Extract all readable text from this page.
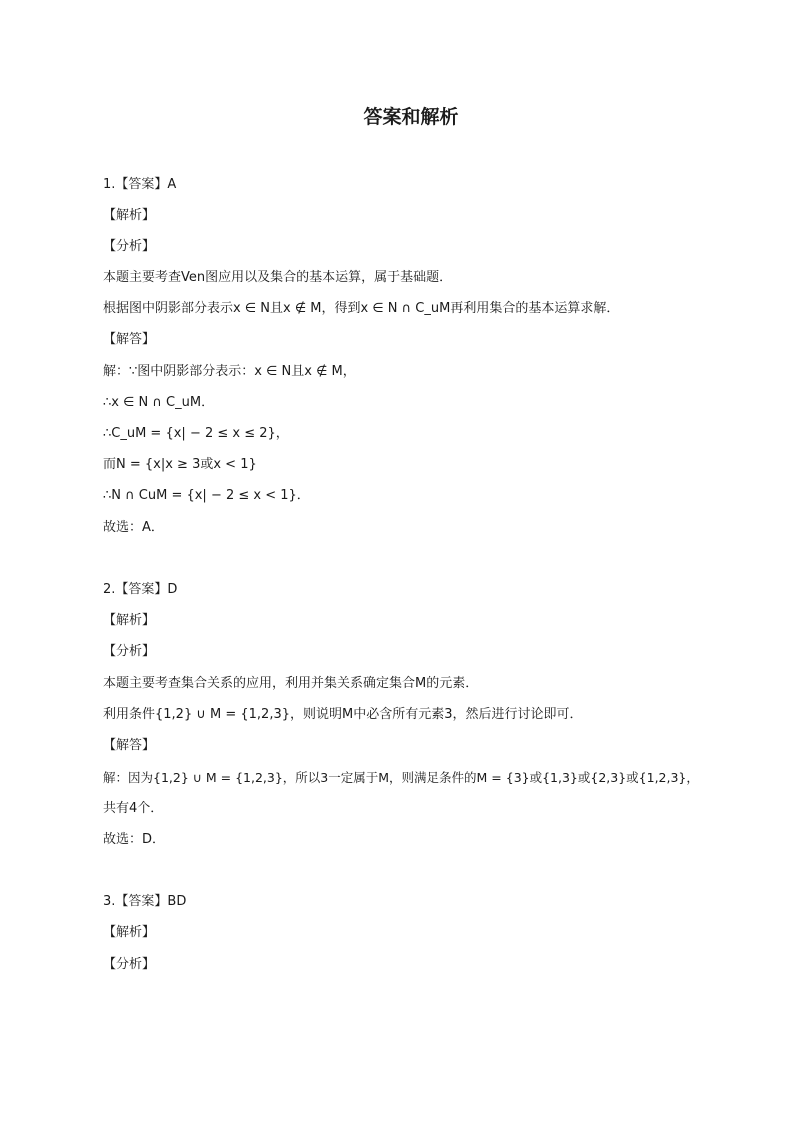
答案和解析
1.【答案】A
【解析】
【分析】
本题主要考查Ven图应用以及集合的基本运算，属于基础题．
根据图中阴影部分表示x ∈ N且x ∉ M，得到x ∈ N ∩ C_uM再利用集合的基本运算求解．
【解答】
解：∵图中阴影部分表示：x ∈ N且x ∉ M，
∴x ∈ N ∩ C_uM．
∴C_uM = {x| − 2 ≤ x ≤ 2}，
而N = {x|x ≥ 3或x < 1}
∴N ∩ CuM = {x| − 2 ≤ x < 1}．
故选：A．
2.【答案】D
【解析】
【分析】
本题主要考查集合关系的应用，利用并集关系确定集合M的元素．
利用条件{1,2} ∪ M = {1,2,3}，则说明M中必含所有元素3，然后进行讨论即可．
【解答】
解：因为{1,2} ∪ M = {1,2,3}，所以3一定属于M，则满足条件的M = {3}或{1,3}或{2,3}或{1,2,3}，
共有4个．
故选：D．
3.【答案】BD
【解析】
【分析】
